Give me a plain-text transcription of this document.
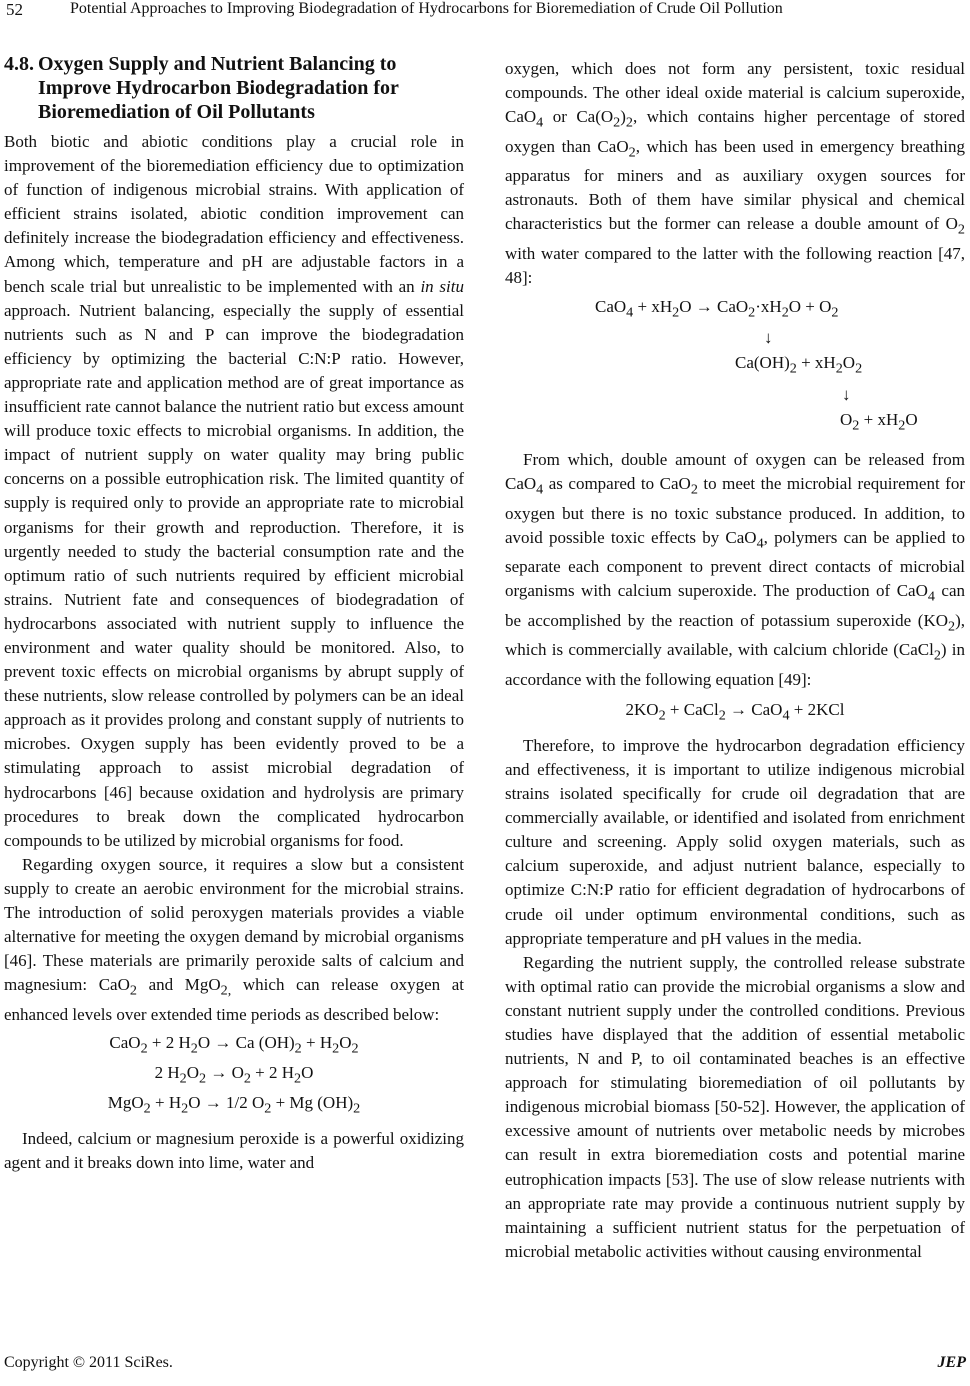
52	Potential Approaches to Improving Biodegradation of Hydrocarbons for Bioremediation of Crude Oil Pollution
4.8. Oxygen Supply and Nutrient Balancing to Improve Hydrocarbon Biodegradation for Bioremediation of Oil Pollutants

Both biotic and abiotic conditions play a crucial role in improvement of the bioremediation efficiency due to optimization of function of indigenous microbial strains. With application of efficient strains isolated, abiotic condition improvement can definitely increase the biodegradation efficiency and effectiveness. Among which, temperature and pH are adjustable factors in a bench scale trial but unrealistic to be implemented with an in situ approach. Nutrient balancing, especially the supply of essential nutrients such as N and P can improve the biodegradation efficiency by optimizing the bacterial C:N:P ratio. However, appropriate rate and application method are of great importance as insufficient rate cannot balance the nutrient ratio but excess amount will produce toxic effects to microbial organisms. In addition, the impact of nutrient supply on water quality may bring public concerns on a possible eutrophication risk. The limited quantity of supply is required only to provide an appropriate rate to microbial organisms for their growth and reproduction. Therefore, it is urgently needed to study the bacterial consumption rate and the optimum ratio of such nutrients required by efficient microbial strains. Nutrient fate and consequences of biodegradation of hydrocarbons associated with nutrient supply to influence the environment and water quality should be monitored. Also, to prevent toxic effects on microbial organisms by abrupt supply of these nutrients, slow release controlled by polymers can be an ideal approach as it provides prolong and constant supply of nutrients to microbes. Oxygen supply has been evidently proved to be a stimulating approach to assist microbial degradation of hydrocarbons [46] because oxidation and hydrolysis are primary procedures to break down the complicated hydrocarbon compounds to be utilized by microbial organisms for food.

Regarding oxygen source, it requires a slow but a consistent supply to create an aerobic environment for the microbial strains. The introduction of solid peroxygen materials provides a viable alternative for meeting the oxygen demand by microbial organisms [46]. These materials are primarily peroxide salts of calcium and magnesium: CaO$_2$ and MgO$_{2,}$ which can release oxygen at enhanced levels over extended time periods as described below:

CaO$_2$ + 2 $H_2O \to Ca$ $(OH)_2 + H_2O_2$
2 $H_2O_2 \to O_2 + 2$ $H_2O$
$MgO_2 + H_2O \to 1/2$ $O_2 + Mg$ $(OH)_2$

Indeed, calcium or magnesium peroxide is a powerful oxidizing agent and it breaks down into lime, water and

oxygen, which does not form any persistent, toxic residual compounds. The other ideal oxide material is calcium superoxide, CaO$_4$ or $Ca(O_2)_2$, which contains higher percentage of stored oxygen than CaO$_2$, which has been used in emergency breathing apparatus for miners and as auxiliary oxygen sources for astronauts. Both of them have similar physical and chemical characteristics but the former can release a double amount of $O_2$ with water compared to the latter with the following reaction [47, 48]:

$CaO_4 + xH_2O \to CaO_2\cdot xH_2O + O_2$
↓
$Ca(OH)_2 + xH_2O_2$
↓
$O_2 + xH_2O$

From which, double amount of oxygen can be released from CaO$_4$ as compared to CaO$_2$ to meet the microbial requirement for oxygen but there is no toxic substance produced. In addition, to avoid possible toxic effects by CaO$_4$, polymers can be applied to separate each component to prevent direct contacts of microbial organisms with calcium superoxide. The production of CaO$_4$ can be accomplished by the reaction of potassium superoxide $(KO_2)$, which is commercially available, with calcium chloride (CaCl$_2$) in accordance with the following equation [49]:

$2KO_2$ + CaCl$_2$ → CaO$_4$ + 2KCl

Therefore, to improve the hydrocarbon degradation efficiency and effectiveness, it is important to utilize indigenous microbial strains isolated specifically for crude oil degradation that are commercially available, or identified and isolated from enrichment culture and screening. Apply solid oxygen materials, such as calcium superoxide, and adjust nutrient balance, especially to optimize C:N:P ratio for efficient degradation of hydrocarbons of crude oil under optimum environmental conditions, such as appropriate temperature and pH values in the media.

Regarding the nutrient supply, the controlled release substrate with optimal ratio can provide the microbial organisms a slow and constant nutrient supply under the controlled conditions. Previous studies have displayed that the addition of essential metabolic nutrients, N and P, to oil contaminated beaches is an effective approach for stimulating bioremediation of oil pollutants by indigenous microbial biomass [50-52]. However, the application of excessive amount of nutrients over metabolic needs by microbes can result in extra bioremediation costs and potential marine eutrophication impacts [53]. The use of slow release nutrients with an appropriate rate may provide a continuous nutrient supply by maintaining a sufficient nutrient status for the perpetuation of microbial metabolic activities without causing environmental

Copyright © 2011 SciRes.	JEP
